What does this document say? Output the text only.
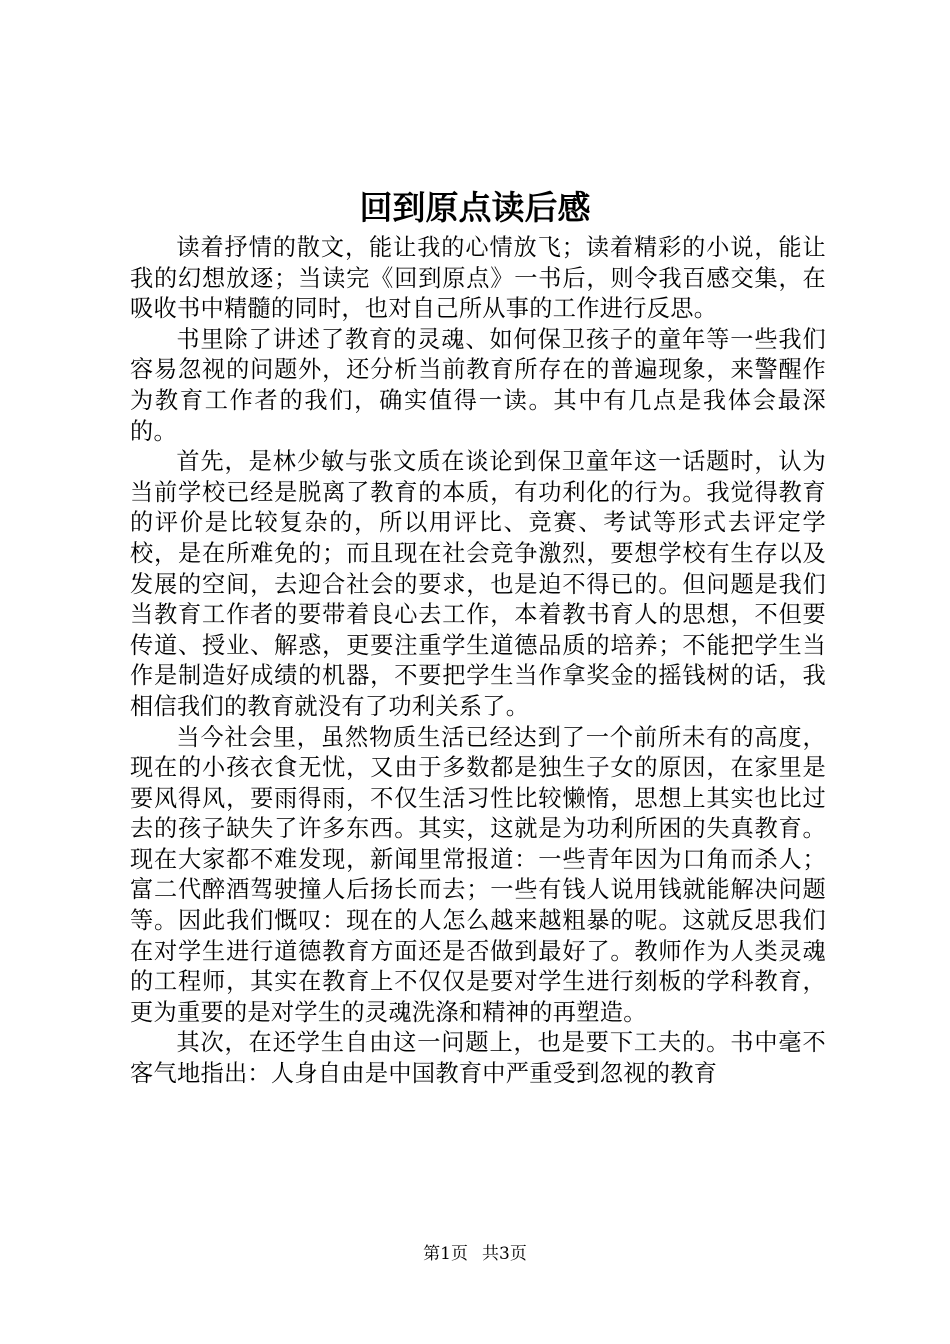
回到原点读后感

读着抒情的散文，能让我的心情放飞；读着精彩的小说，能让我的幻想放逐；当读完《回到原点》一书后，则令我百感交集，在吸收书中精髓的同时，也对自己所从事的工作进行反思。

书里除了讲述了教育的灵魂、如何保卫孩子的童年等一些我们容易忽视的问题外，还分析当前教育所存在的普遍现象，来警醒作为教育工作者的我们，确实值得一读。其中有几点是我体会最深的。

首先，是林少敏与张文质在谈论到保卫童年这一话题时，认为当前学校已经是脱离了教育的本质，有功利化的行为。我觉得教育的评价是比较复杂的，所以用评比、竞赛、考试等形式去评定学校，是在所难免的；而且现在社会竞争激烈，要想学校有生存以及发展的空间，去迎合社会的要求，也是迫不得已的。但问题是我们当教育工作者的要带着良心去工作，本着教书育人的思想，不但要传道、授业、解惑，更要注重学生道德品质的培养；不能把学生当作是制造好成绩的机器，不要把学生当作拿奖金的摇钱树的话，我相信我们的教育就没有了功利关系了。

当今社会里，虽然物质生活已经达到了一个前所未有的高度，现在的小孩衣食无忧，又由于多数都是独生子女的原因，在家里是要风得风，要雨得雨，不仅生活习性比较懒惰，思想上其实也比过去的孩子缺失了许多东西。其实，这就是为功利所困的失真教育。现在大家都不难发现，新闻里常报道：一些青年因为口角而杀人；富二代醉酒驾驶撞人后扬长而去；一些有钱人说用钱就能解决问题等。因此我们慨叹：现在的人怎么越来越粗暴的呢。这就反思我们在对学生进行道德教育方面还是否做到最好了。教师作为人类灵魂的工程师，其实在教育上不仅仅是要对学生进行刻板的学科教育，更为重要的是对学生的灵魂洗涤和精神的再塑造。

其次，在还学生自由这一问题上，也是要下工夫的。书中毫不客气地指出：人身自由是中国教育中严重受到忽视的教育

第1页 共3页
